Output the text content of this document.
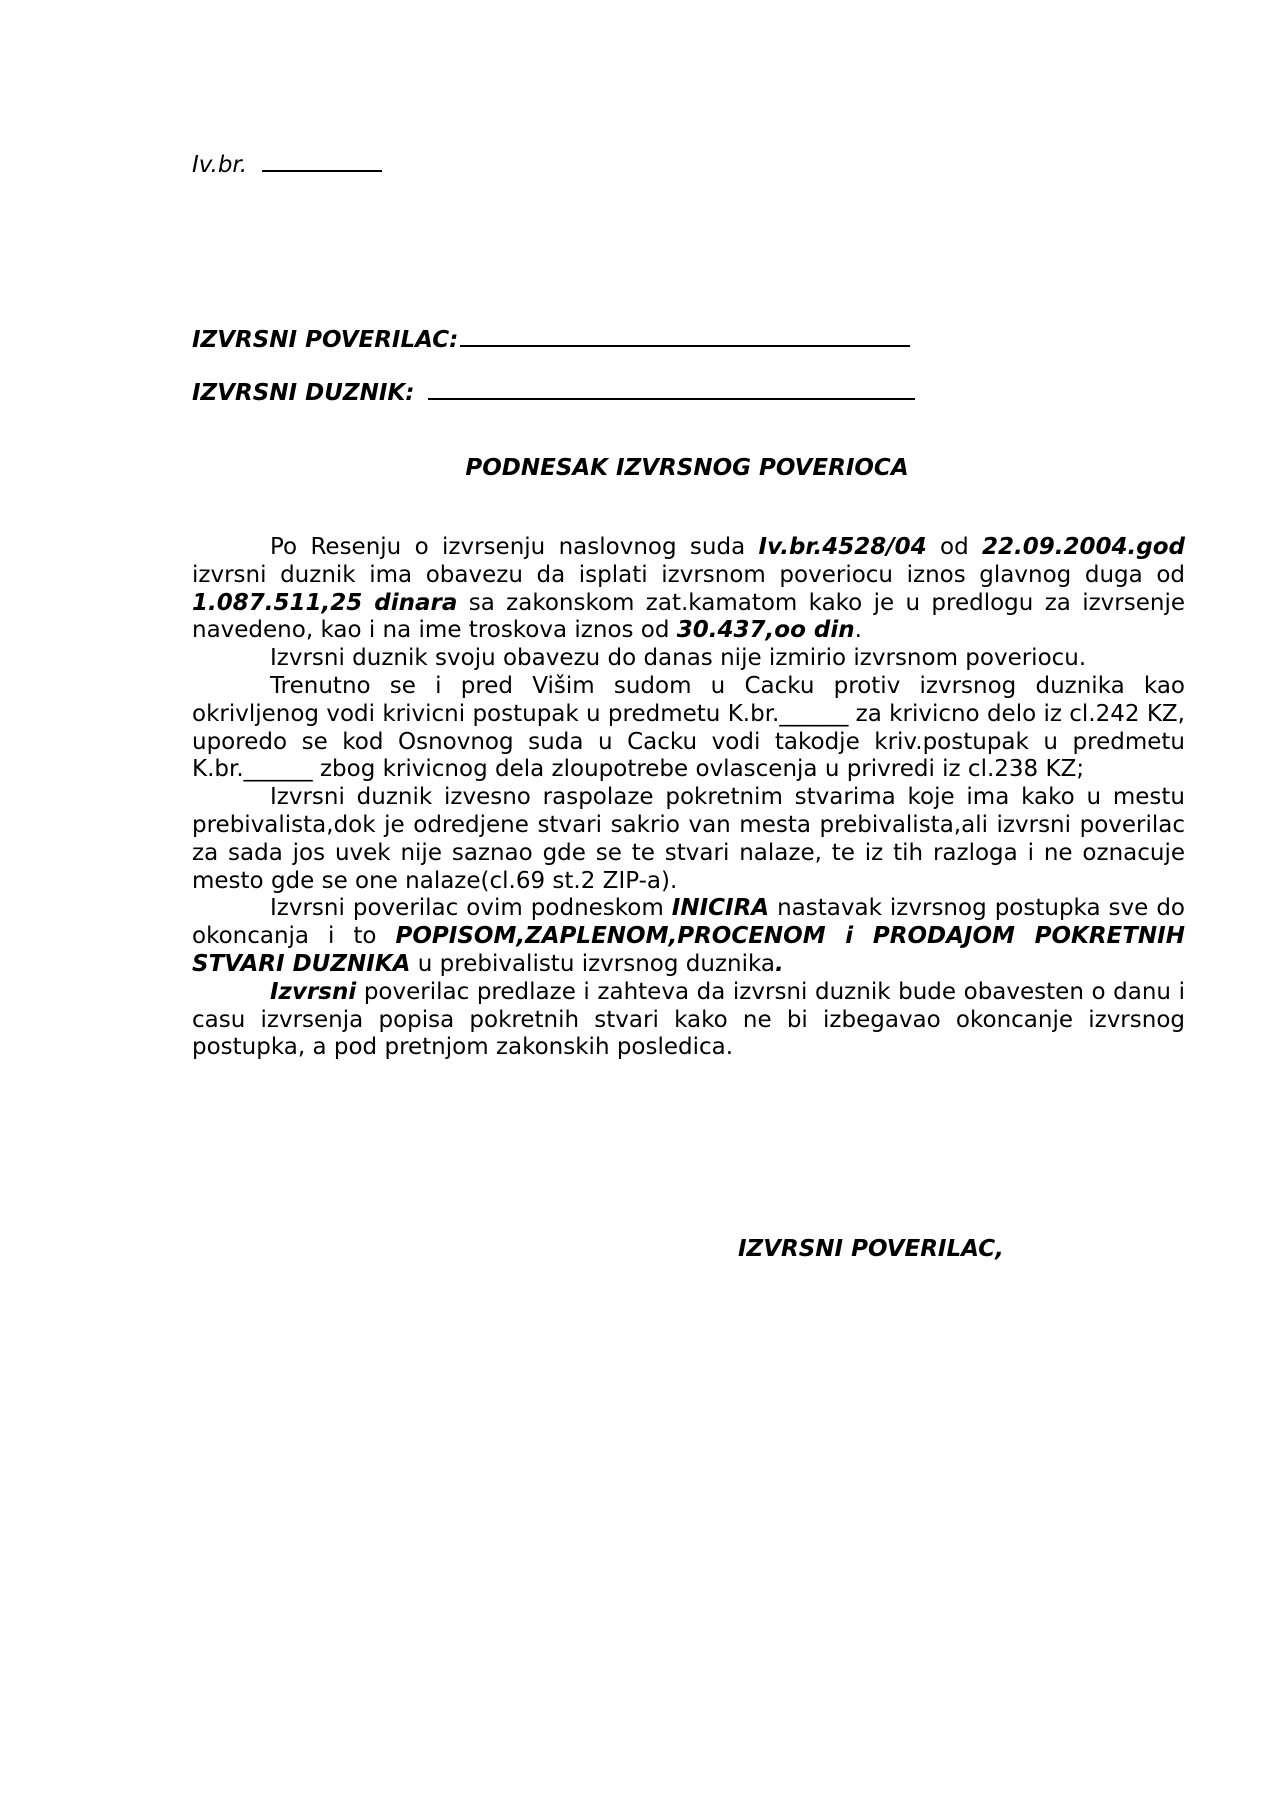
Iv.br.
IZVRSNI POVERILAC:
IZVRSNI DUZNIK:
PODNESAK IZVRSNOG POVERIOCA

Po Resenju o izvrsenju naslovnog suda Iv.br.4528/04 od 22.09.2004.god izvrsni duznik ima obavezu da isplati izvrsnom poveriocu iznos glavnog duga od 1.087.511,25 dinara sa zakonskom zat.kamatom kako je u predlogu za izvrsenje navedeno, kao i na ime troskova iznos od 30.437,oo din.

Izvrsni duznik svoju obavezu do danas nije izmirio izvrsnom poveriocu.

Trenutno se i pred Višim sudom u Cacku protiv izvrsnog duznika kao okrivljenog vodi krivicni postupak u predmetu K.br.______ za krivicno delo iz cl.242 KZ, uporedo se kod Osnovnog suda u Cacku vodi takodje kriv.postupak u predmetu K.br.______ zbog krivicnog dela zloupotrebe ovlascenja u privredi iz cl.238 KZ;

Izvrsni duznik izvesno raspolaze pokretnim stvarima koje ima kako u mestu prebivalista,dok je odredjene stvari sakrio van mesta prebivalista,ali izvrsni poverilac za sada jos uvek nije saznao gde se te stvari nalaze, te iz tih razloga i ne oznacuje mesto gde se one nalaze(cl.69 st.2 ZIP-a).

Izvrsni poverilac ovim podneskom INICIRA nastavak izvrsnog postupka sve do okoncanja i to POPISOM,ZAPLENOM,PROCENOM i PRODAJOM POKRETNIH STVARI DUZNIKA u prebivalistu izvrsnog duznika.

Izvrsni poverilac predlaze i zahteva da izvrsni duznik bude obavesten o danu i casu izvrsenja popisa pokretnih stvari kako ne bi izbegavao okoncanje izvrsnog postupka, a pod pretnjom zakonskih posledica.

IZVRSNI POVERILAC,
